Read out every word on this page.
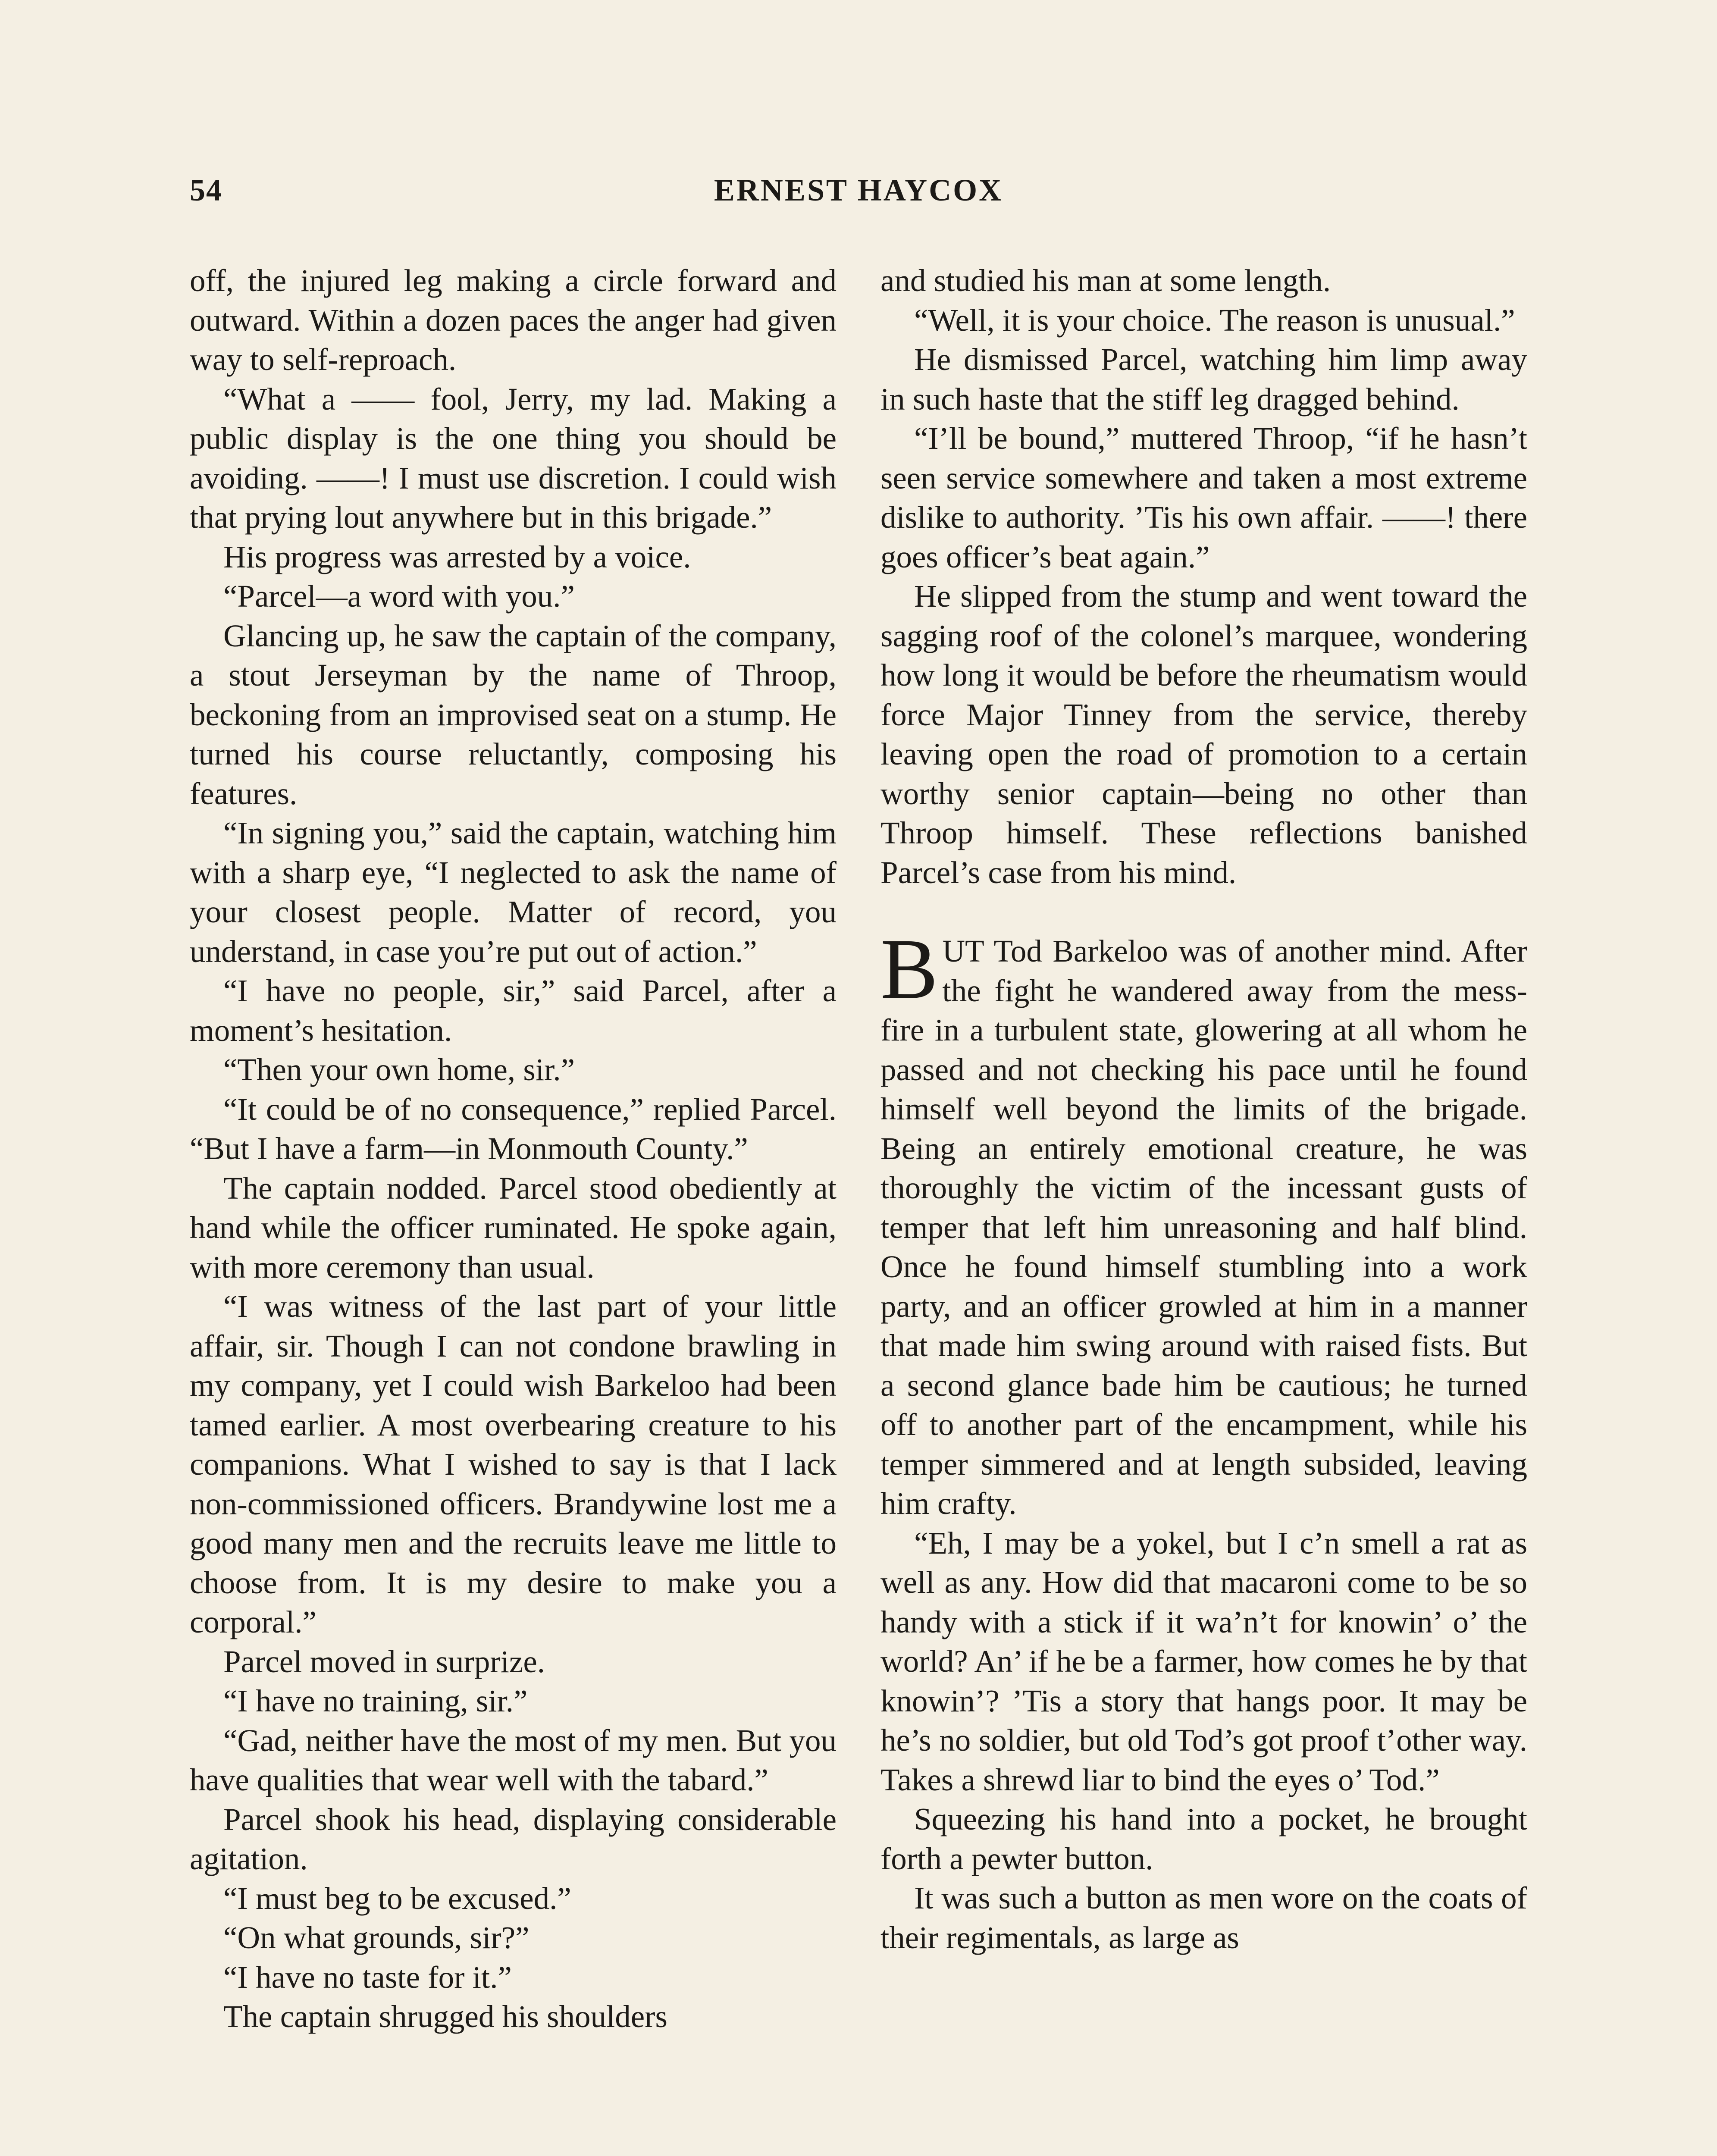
54	ERNEST HAYCOX

off, the injured leg making a circle forward and outward. Within a dozen paces the anger had given way to self-reproach.

“What a —— fool, Jerry, my lad. Making a public display is the one thing you should be avoiding. ——! I must use discretion. I could wish that prying lout anywhere but in this brigade.”

His progress was arrested by a voice.

“Parcel—a word with you.”

Glancing up, he saw the captain of the company, a stout Jerseyman by the name of Throop, beckoning from an improvised seat on a stump. He turned his course reluctantly, composing his features.

“In signing you,” said the captain, watching him with a sharp eye, “I neglected to ask the name of your closest people. Matter of record, you understand, in case you’re put out of action.”

“I have no people, sir,” said Parcel, after a moment’s hesitation.

“Then your own home, sir.”

“It could be of no consequence,” replied Parcel. “But I have a farm—in Monmouth County.”

The captain nodded. Parcel stood obediently at hand while the officer ruminated. He spoke again, with more ceremony than usual.

“I was witness of the last part of your little affair, sir. Though I can not condone brawling in my company, yet I could wish Barkeloo had been tamed earlier. A most overbearing creature to his companions. What I wished to say is that I lack non-commissioned officers. Brandywine lost me a good many men and the recruits leave me little to choose from. It is my desire to make you a corporal.”

Parcel moved in surprize.

“I have no training, sir.”

“Gad, neither have the most of my men. But you have qualities that wear well with the tabard.”

Parcel shook his head, displaying considerable agitation.

“I must beg to be excused.”

“On what grounds, sir?”

“I have no taste for it.”

The captain shrugged his shoulders

and studied his man at some length.

“Well, it is your choice. The reason is unusual.”

He dismissed Parcel, watching him limp away in such haste that the stiff leg dragged behind.

“I’ll be bound,” muttered Throop, “if he hasn’t seen service somewhere and taken a most extreme dislike to authority. ’Tis his own affair. ——! there goes officer’s beat again.”

He slipped from the stump and went toward the sagging roof of the colonel’s marquee, wondering how long it would be before the rheumatism would force Major Tinney from the service, thereby leaving open the road of promotion to a certain worthy senior captain—being no other than Throop himself. These reflections banished Parcel’s case from his mind.

BUT Tod Barkeloo was of another mind. After the fight he wandered away from the mess-fire in a turbulent state, glowering at all whom he passed and not checking his pace until he found himself well beyond the limits of the brigade. Being an entirely emotional creature, he was thoroughly the victim of the incessant gusts of temper that left him unreasoning and half blind. Once he found himself stumbling into a work party, and an officer growled at him in a manner that made him swing around with raised fists. But a second glance bade him be cautious; he turned off to another part of the encampment, while his temper simmered and at length subsided, leaving him crafty.

“Eh, I may be a yokel, but I c’n smell a rat as well as any. How did that macaroni come to be so handy with a stick if it wa’n’t for knowin’ o’ the world? An’ if he be a farmer, how comes he by that knowin’? ’Tis a story that hangs poor. It may be he’s no soldier, but old Tod’s got proof t’other way. Takes a shrewd liar to bind the eyes o’ Tod.”

Squeezing his hand into a pocket, he brought forth a pewter button.

It was such a button as men wore on the coats of their regimentals, as large as
